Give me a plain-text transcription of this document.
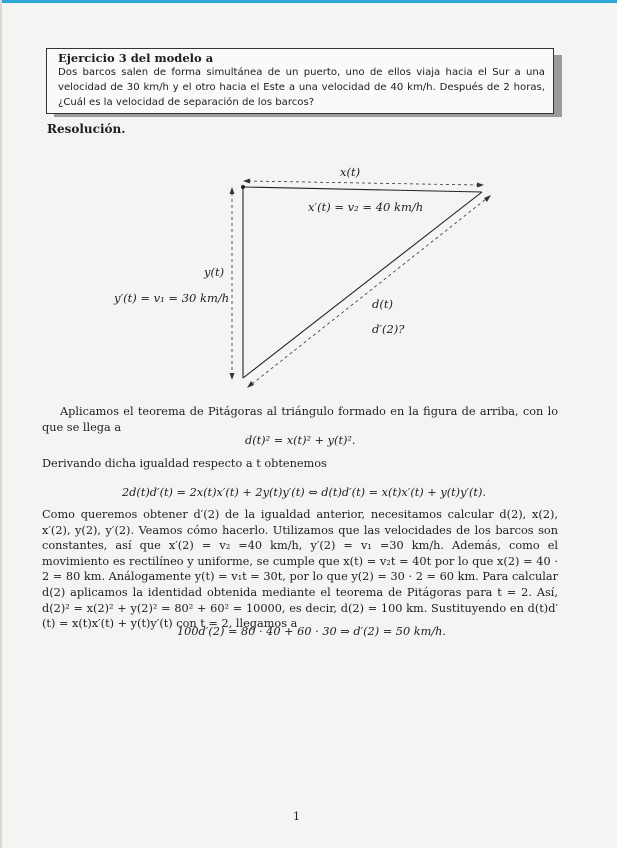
Ejercicio 3 del modelo a
Dos barcos salen de forma simultánea de un puerto, uno de ellos viaja hacia el Sur a una velocidad de 30 km/h y el otro hacia el Este a una velocidad de 40 km/h. Después de 2 horas, ¿Cuál es la velocidad de separación de los barcos?
Resolución.
x(t)
x′(t) = v₂ = 40 km/h
y(t)
y′(t) = v₁ = 30 km/h	d(t)
d′(2)?
Aplicamos el teorema de Pitágoras al triángulo formado en la figura de arriba, con lo que se llega a
d(t)² = x(t)² + y(t)².
Derivando dicha igualdad respecto a t obtenemos
2d(t)d′(t) = 2x(t)x′(t) + 2y(t)y′(t) ⇔ d(t)d′(t) = x(t)x′(t) + y(t)y′(t).
Como queremos obtener d′(2) de la igualdad anterior, necesitamos calcular d(2), x(2), x′(2), y(2), y′(2). Veamos cómo hacerlo. Utilizamos que las velocidades de los barcos son constantes, así que x′(2) = v₂ =40 km/h, y′(2) = v₁ =30 km/h. Además, como el movimiento es rectilíneo y uniforme, se cumple que x(t) = v₂t = 40t por lo que x(2) = 40 · 2 = 80 km. Análogamente y(t) = v₁t = 30t, por lo que y(2) = 30 · 2 = 60 km. Para calcular d(2) aplicamos la identidad obtenida mediante el teorema de Pitágoras para t = 2. Así, d(2)² = x(2)² + y(2)² = 80² + 60² = 10000, es decir, d(2) = 100 km. Sustituyendo en d(t)d′(t) = x(t)x′(t) + y(t)y′(t) con t = 2, llegamos a
100d′(2) = 80 · 40 + 60 · 30 ⇒ d′(2) = 50 km/h.
1
